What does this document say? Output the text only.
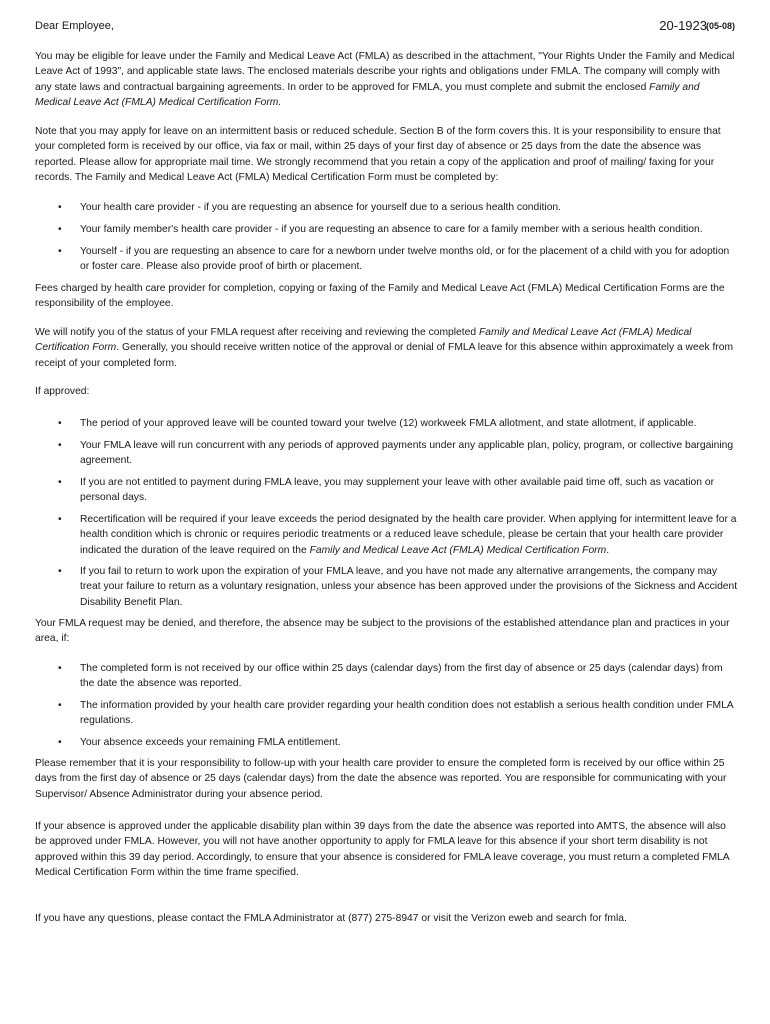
Dear Employee,	20-1923
(05-08)

You may be eligible for leave under the Family and Medical Leave Act (FMLA) as described in the attachment, "Your Rights Under the Family and Medical Leave Act of 1993", and applicable state laws. The enclosed materials describe your rights and obligations under FMLA. The company will comply with any state laws and contractual bargaining agreements. In order to be approved for FMLA, you must complete and submit the enclosed Family and Medical Leave Act (FMLA) Medical Certification Form.

Note that you may apply for leave on an intermittent basis or reduced schedule. Section B of the form covers this. It is your responsibility to ensure that your completed form is received by our office, via fax or mail, within 25 days of your first day of absence or 25 days from the date the absence was reported. Please allow for appropriate mail time. We strongly recommend that you retain a copy of the application and proof of mailing/ faxing for your records. The Family and Medical Leave Act (FMLA) Medical Certification Form must be completed by:

•	Your health care provider - if you are requesting an absence for yourself due to a serious health condition.

•	Your family member's health care provider - if you are requesting an absence to care for a family member with a serious health condition.

•	Yourself - if you are requesting an absence to care for a newborn under twelve months old, or for the placement of a child with you for adoption or foster care. Please also provide proof of birth or placement.

Fees charged by health care provider for completion, copying or faxing of the Family and Medical Leave Act (FMLA) Medical Certification Forms are the responsibility of the employee.

We will notify you of the status of your FMLA request after receiving and reviewing the completed Family and Medical Leave Act (FMLA) Medical Certification Form. Generally, you should receive written notice of the approval or denial of FMLA leave for this absence within approximately a week from receipt of your completed form.

If approved:

•	The period of your approved leave will be counted toward your twelve (12) workweek FMLA allotment, and state allotment, if applicable.

•	Your FMLA leave will run concurrent with any periods of approved payments under any applicable plan, policy, program, or collective bargaining agreement.

•	If you are not entitled to payment during FMLA leave, you may supplement your leave with other available paid time off, such as vacation or personal days.

•	Recertification will be required if your leave exceeds the period designated by the health care provider. When applying for intermittent leave for a health condition which is chronic or requires periodic treatments or a reduced leave schedule, please be certain that your health care provider indicated the duration of the leave required on the Family and Medical Leave Act (FMLA) Medical Certification Form.

•	If you fail to return to work upon the expiration of your FMLA leave, and you have not made any alternative arrangements, the company may treat your failure to return as a voluntary resignation, unless your absence has been approved under the provisions of the Sickness and Accident Disability Benefit Plan.

Your FMLA request may be denied, and therefore, the absence may be subject to the provisions of the established attendance plan and practices in your area, if:

•	The completed form is not received by our office within 25 days (calendar days) from the first day of absence or 25 days (calendar days) from the date the absence was reported.

•	The information provided by your health care provider regarding your health condition does not establish a serious health condition under FMLA regulations.

•	Your absence exceeds your remaining FMLA entitlement.

Please remember that it is your responsibility to follow-up with your health care provider to ensure the completed form is received by our office within 25 days from the first day of absence or 25 days (calendar days) from the date the absence was reported. You are responsible for communicating with your Supervisor/ Absence Administrator during your absence period.

If your absence is approved under the applicable disability plan within 39 days from the date the absence was reported into AMTS, the absence will also be approved under FMLA. However, you will not have another opportunity to apply for FMLA leave for this absence if your short term disability is not approved within this 39 day period. Accordingly, to ensure that your absence is considered for FMLA leave coverage, you must return a completed FMLA Medical Certification Form within the time frame specified.

If you have any questions, please contact the FMLA Administrator at (877) 275-8947 or visit the Verizon eweb and search for fmla.
